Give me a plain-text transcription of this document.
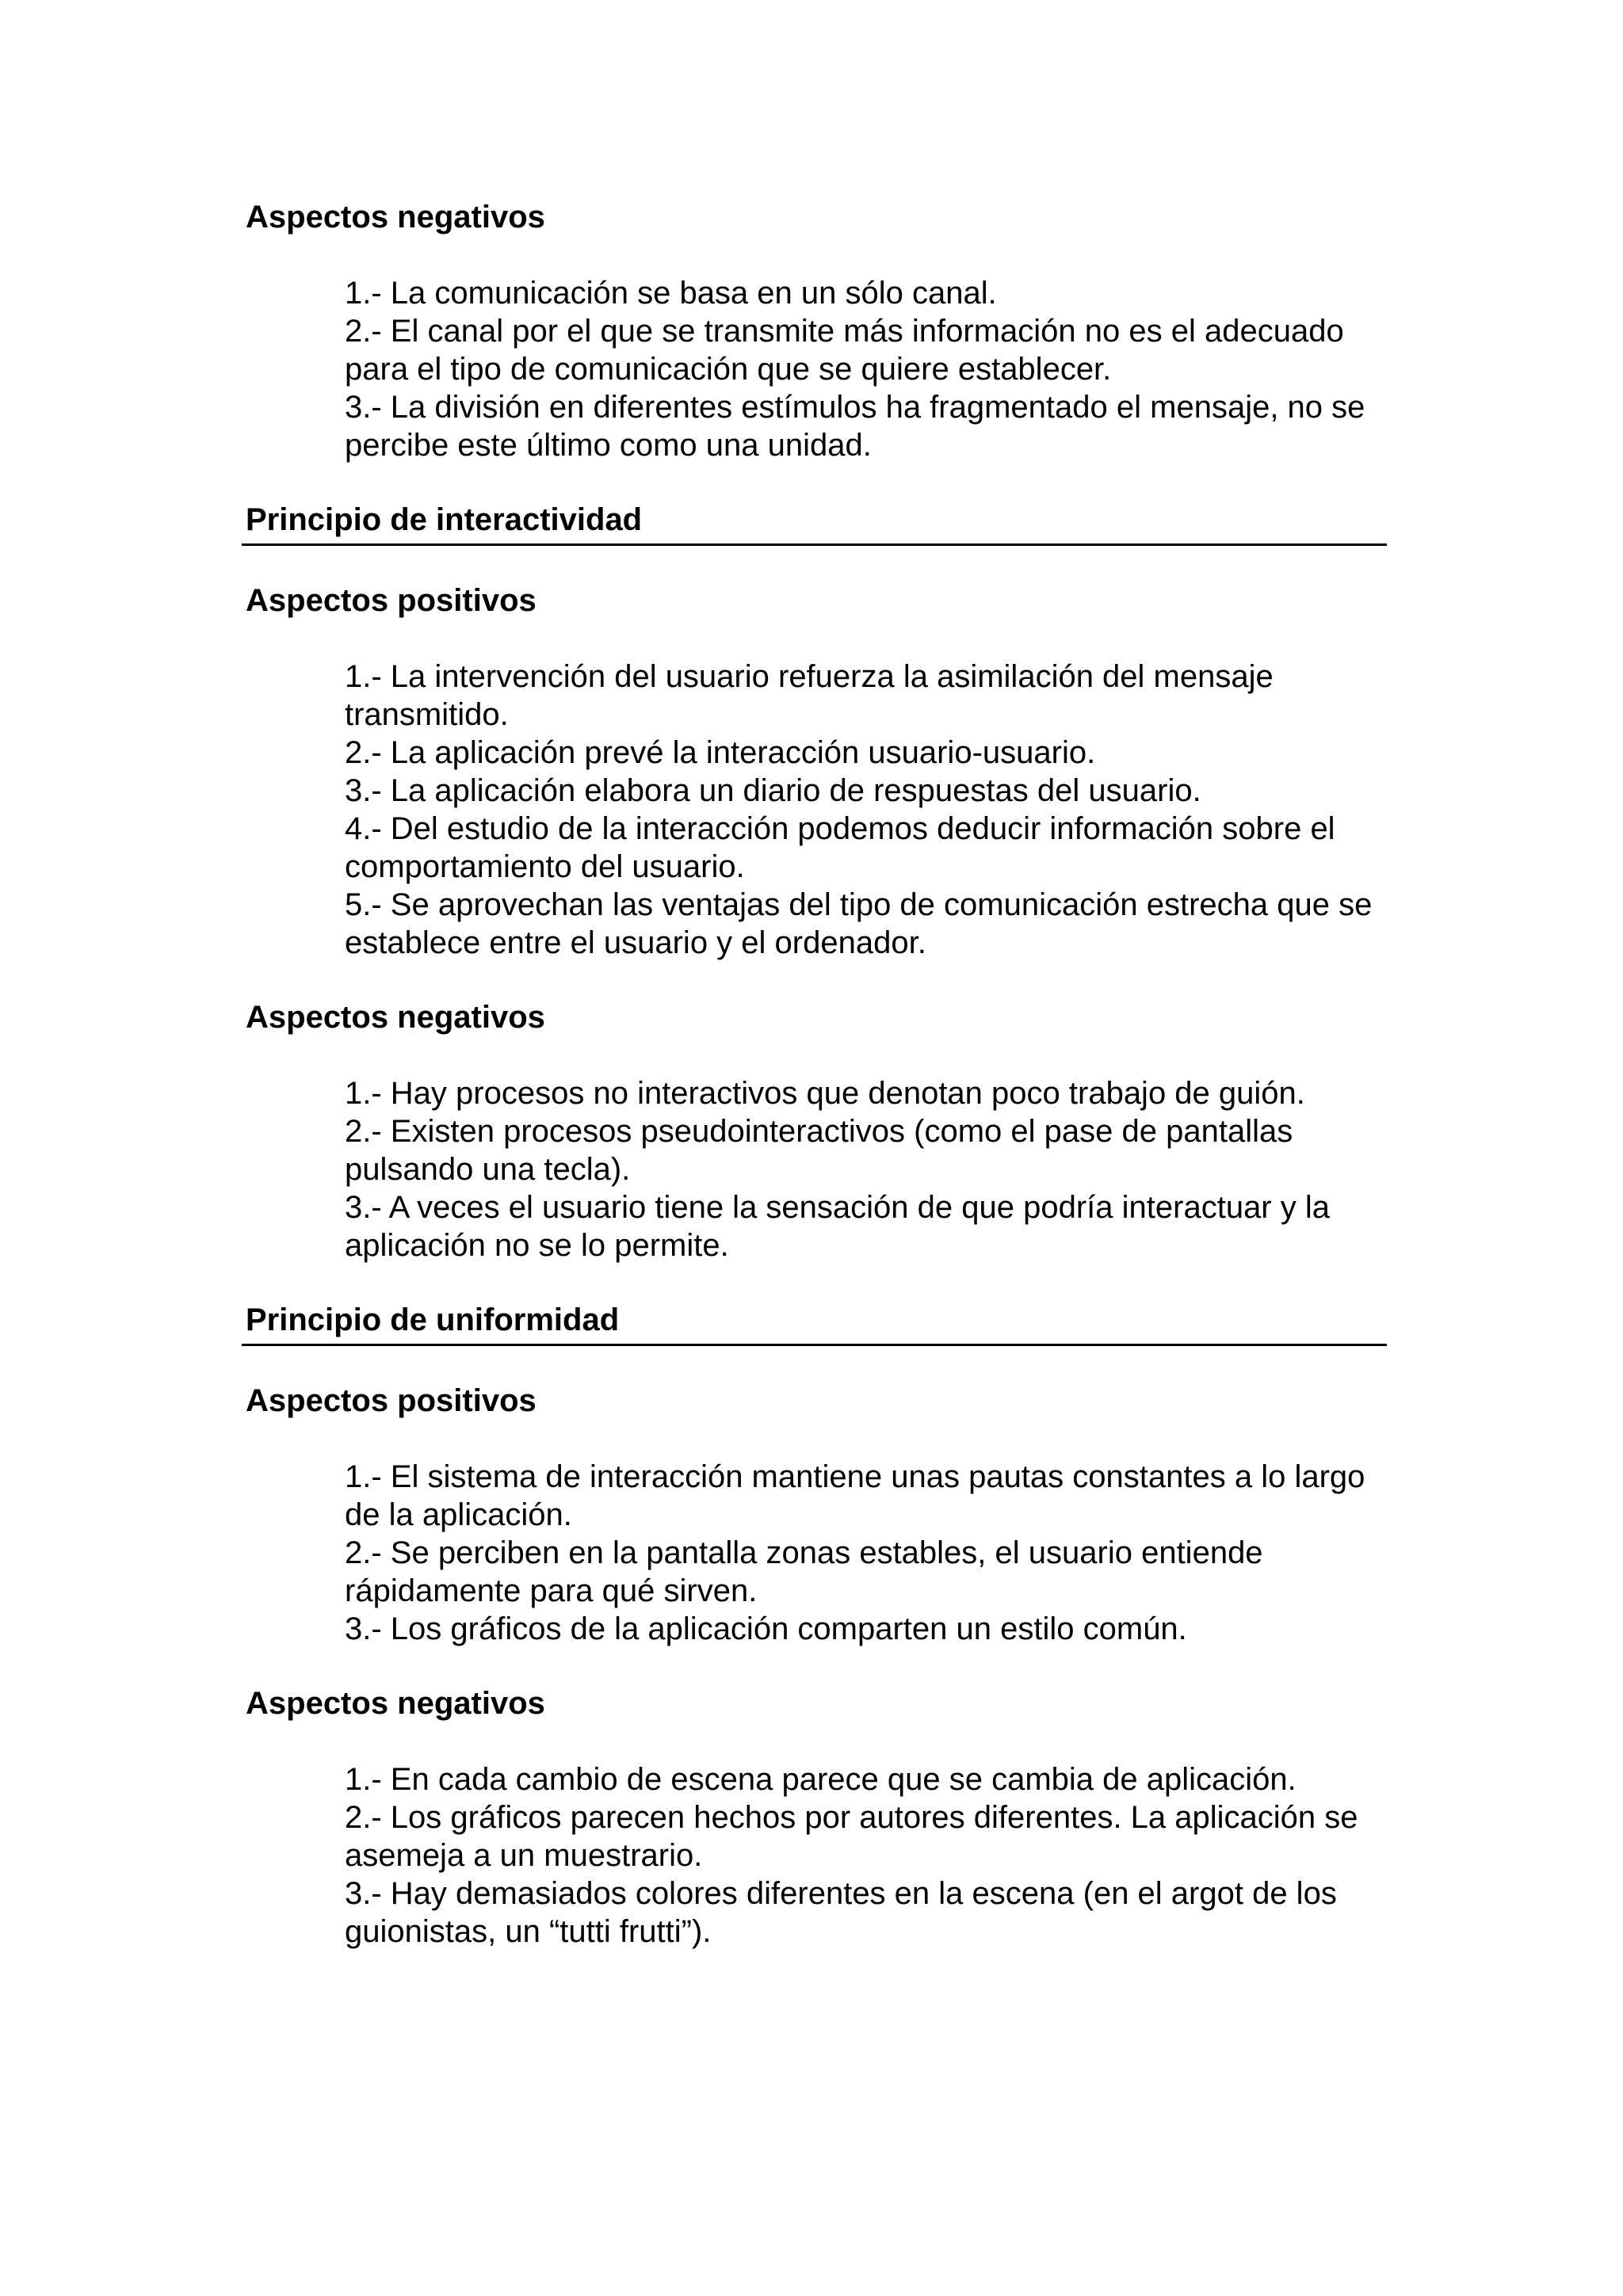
Aspectos negativos

1.- La comunicación se basa en un sólo canal.
2.- El canal por el que se transmite más información no es el adecuado para el tipo de comunicación que se quiere establecer.
3.- La división en diferentes estímulos ha fragmentado el mensaje, no se percibe este último como una unidad.

Principio de interactividad

Aspectos positivos

1.- La intervención del usuario refuerza la asimilación del mensaje transmitido.
2.- La aplicación prevé la interacción usuario-usuario.
3.- La aplicación elabora un diario de respuestas del usuario.
4.- Del estudio de la interacción podemos deducir información sobre el comportamiento del usuario.
5.- Se aprovechan las ventajas del tipo de comunicación estrecha que se establece entre el usuario y el ordenador.

Aspectos negativos

1.- Hay procesos no interactivos que denotan poco trabajo de guión.
2.- Existen procesos pseudointeractivos (como el pase de pantallas pulsando una tecla).
3.- A veces el usuario tiene la sensación de que podría interactuar y la aplicación no se lo permite.

Principio de uniformidad

Aspectos positivos

1.- El sistema de interacción mantiene unas pautas constantes a lo largo de la aplicación.
2.- Se perciben en la pantalla zonas estables, el usuario entiende rápidamente para qué sirven.
3.- Los gráficos de la aplicación comparten un estilo común.

Aspectos negativos

1.- En cada cambio de escena parece que se cambia de aplicación.
2.- Los gráficos parecen hechos por autores diferentes. La aplicación se asemeja a un muestrario.
3.- Hay demasiados colores diferentes en la escena (en el argot de los guionistas, un “tutti frutti”).
